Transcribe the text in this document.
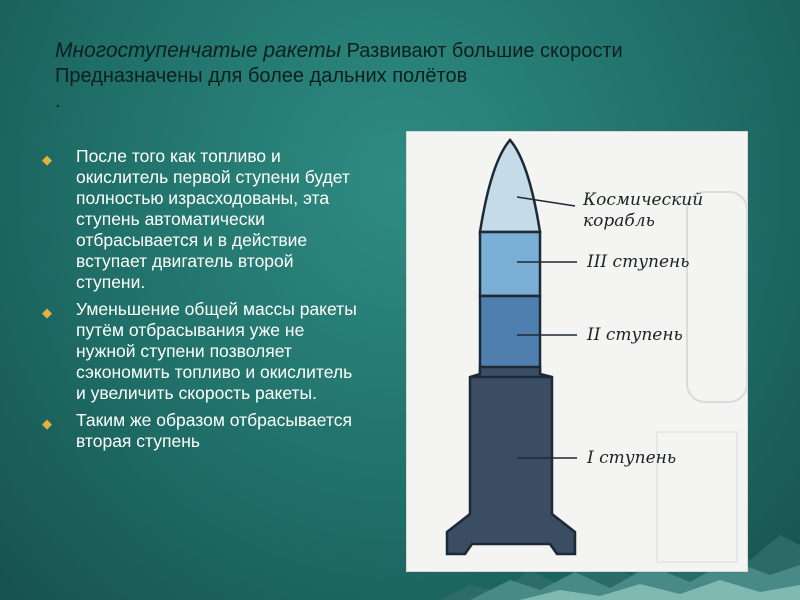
Многоступенчатые ракеты Развивают большие скорости
Предназначены для более дальних полётов
.
◆ После того как топливо и окислитель первой ступени будет полностью израсходованы, эта ступень автоматически отбрасывается и в действие вступает двигатель второй ступени.
◆ Уменьшение общей массы ракеты путём отбрасывания уже не нужной ступени позволяет сэкономить топливо и окислитель и увеличить скорость ракеты.
◆ Таким же образом отбрасывается вторая ступень
Космический
корабль
III ступень
II ступень
I ступень
